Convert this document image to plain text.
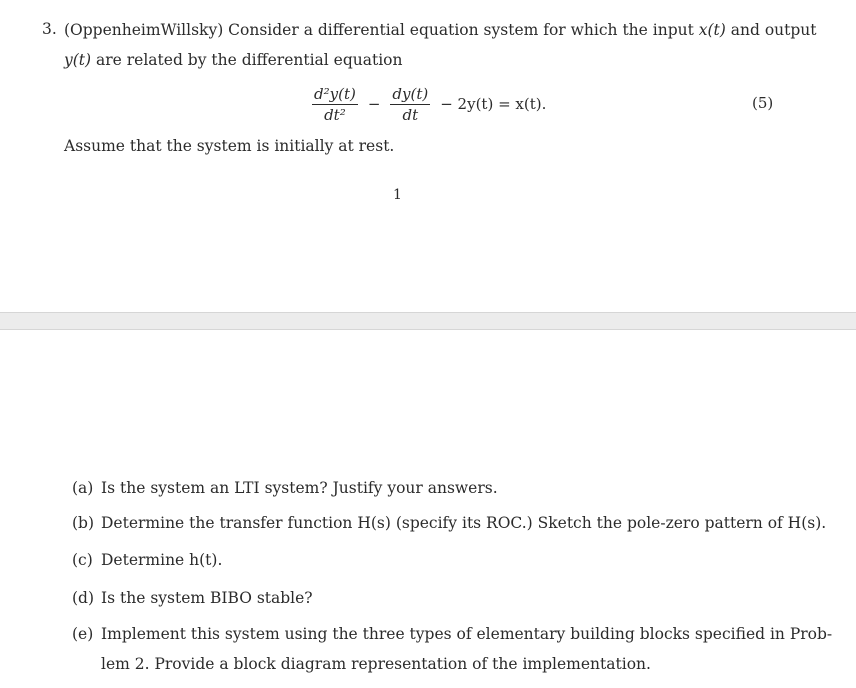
3. (OppenheimWillsky) Consider a differential equation system for which the input x(t) and output
y(t) are related by the differential equation
$\frac{\text{d²y(t)}}{\text{dt²}} - \frac{dy(t)}{dt} - 2y(t) = x(t)$.	(5)
Assume that the system is initially at rest.
1
(a) Is the system an LTI system? Justify your answers.
(b) Determine the transfer function H(s) (specify its ROC.) Sketch the pole-zero pattern of H(s).
(c) Determine h(t).
(d) Is the system BIBO stable?
(e) Implement this system using the three types of elementary building blocks specified in Prob-
lem 2. Provide a block diagram representation of the implementation.
